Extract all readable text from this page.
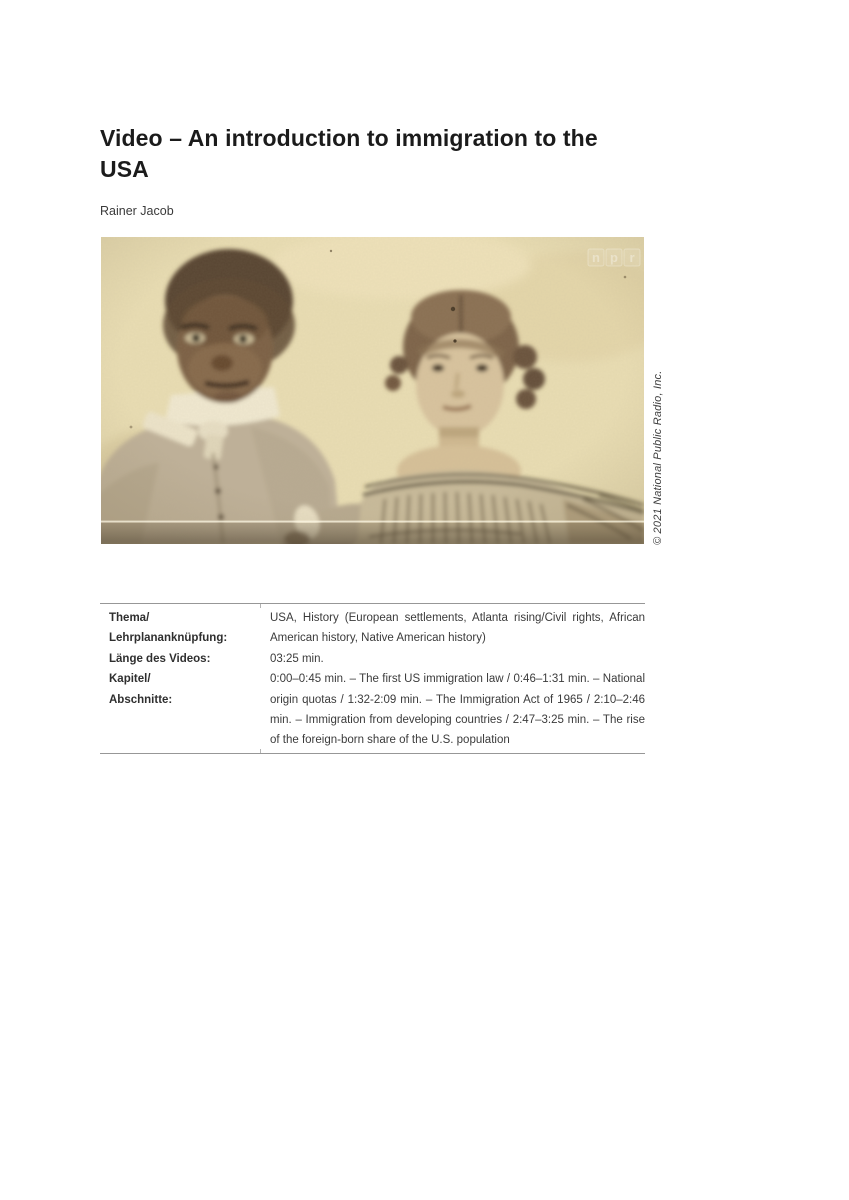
Video – An introduction to immigration to the
USA
Rainer Jacob
n p r
© 2021 National Public Radio, Inc.
Thema/
Lehrplananknüpfung:
USA, History (European settlements, Atlanta rising/Civil rights, African American history, Native American history)
Länge des Videos:	03:25 min.
Kapitel/
Abschnitte:
0:00–0:45 min. – The first US immigration law / 0:46–1:31 min. – National origin quotas / 1:32-2:09 min. – The Immigration Act of 1965 / 2:10–2:46 min. – Immigration from developing countries / 2:47–3:25 min. – The rise of the foreign-born share of the U.S. population
